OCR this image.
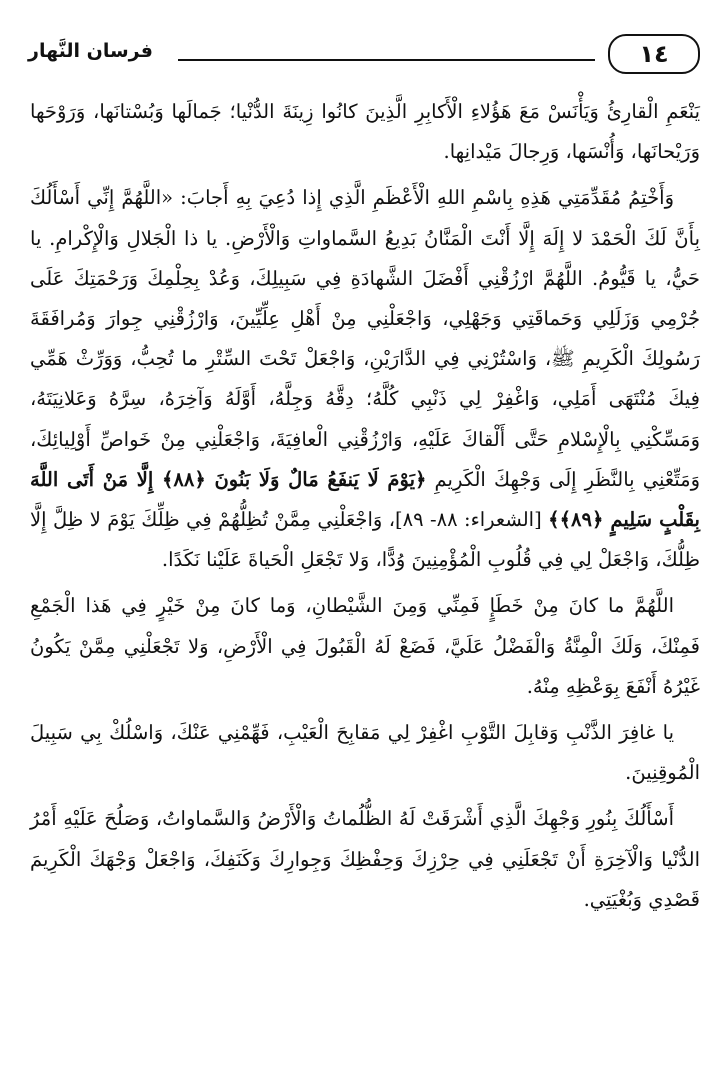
فرسان النَّهار	١٤

يَنْعَمِ الْقارِئُ وَيَأْنَسْ مَعَ هَؤُلاءِ الْأَكابِرِ الَّذِينَ كانُوا زِينَةَ الدُّنْيا؛ جَمالَها وَبُسْتانَها، وَرَوْحَها وَرَيْحانَها، وَأُنْسَها، وَرِجالَ مَيْدانِها.

وَأَخْتِمُ مُقَدِّمَتِي هَذِهِ بِاسْمِ اللهِ الْأَعْظَمِ الَّذِي إِذا دُعِيَ بِهِ أَجابَ: «اللَّهُمَّ إِنِّي أَسْأَلُكَ بِأَنَّ لَكَ الْحَمْدَ لا إِلَهَ إِلَّا أَنْتَ الْمَنَّانُ بَدِيعُ السَّماواتِ وَالْأَرْضِ. يا ذا الْجَلالِ وَالْإِكْرامِ. يا حَيُّ، يا قَيُّومُ. اللَّهُمَّ ارْزُقْنِي أَفْضَلَ الشَّهادَةِ فِي سَبِيلِكَ، وَعُدْ بِحِلْمِكَ وَرَحْمَتِكَ عَلَى جُرْمِي وَزَلَلِي وَحَماقَتِي وَجَهْلِي، وَاجْعَلْنِي مِنْ أَهْلِ عِلِّيِّينَ، وَارْزُقْنِي جِوارَ وَمُرافَقَةَ رَسُولِكَ الْكَرِيمِ ﷺ، وَاسْتُرْنِي فِي الدَّارَيْنِ، وَاجْعَلْ تَحْتَ السِّتْرِ ما تُحِبُّ، وَوَرِّثْ هَمِّي فِيكَ مُنْتَهَى أَمَلِي، وَاغْفِرْ لِي ذَنْبِي كُلَّهُ؛ دِقَّهُ وَجِلَّهُ، أَوَّلَهُ وَآخِرَهُ، سِرَّهُ وَعَلانِيَتَهُ، وَمَسِّكْنِي بِالْإِسْلامِ حَتَّى أَلْقاكَ عَلَيْهِ، وَارْزُقْنِي الْعافِيَةَ، وَاجْعَلْنِي مِنْ خَواصِّ أَوْلِيائِكَ، وَمَتِّعْنِي بِالنَّظَرِ إِلَى وَجْهِكَ الْكَرِيمِ ﴿يَوْمَ لَا يَنفَعُ مَالٌ وَلَا بَنُونَ ﴿٨٨﴾ إِلَّا مَنْ أَتَى اللَّهَ بِقَلْبٍ سَلِيمٍ ﴿٨٩﴾﴾ [الشعراء: ٨٨- ٨٩]، وَاجْعَلْنِي مِمَّنْ تُظِلُّهُمْ فِي ظِلِّكَ يَوْمَ لا ظِلَّ إِلَّا ظِلُّكَ، وَاجْعَلْ لِي فِي قُلُوبِ الْمُؤْمِنِينَ وُدًّا، وَلا تَجْعَلِ الْحَياةَ عَلَيْنا نَكَدًا.

اللَّهُمَّ ما كانَ مِنْ خَطَإٍ فَمِنِّي وَمِنَ الشَّيْطانِ، وَما كانَ مِنْ خَيْرٍ فِي هَذا الْجَمْعِ فَمِنْكَ، وَلَكَ الْمِنَّةُ وَالْفَضْلُ عَلَيَّ، فَضَعْ لَهُ الْقَبُولَ فِي الْأَرْضِ، وَلا تَجْعَلْنِي مِمَّنْ يَكُونُ غَيْرُهُ أَنْفَعَ بِوَعْظِهِ مِنْهُ.

يا غافِرَ الذَّنْبِ وَقابِلَ التَّوْبِ اغْفِرْ لِي مَقابِحَ الْعَيْبِ، فَهِّمْنِي عَنْكَ، وَاسْلُكْ بِي سَبِيلَ الْمُوقِنِينَ.

أَسْأَلُكَ بِنُورِ وَجْهِكَ الَّذِي أَشْرَقَتْ لَهُ الظُّلُماتُ وَالْأَرْضُ وَالسَّماواتُ، وَصَلُحَ عَلَيْهِ أَمْرُ الدُّنْيا وَالْآخِرَةِ أَنْ تَجْعَلَنِي فِي حِرْزِكَ وَحِفْظِكَ وَجِوارِكَ وَكَنَفِكَ، وَاجْعَلْ وَجْهَكَ الْكَرِيمَ قَصْدِي وَبُغْيَتِي.
